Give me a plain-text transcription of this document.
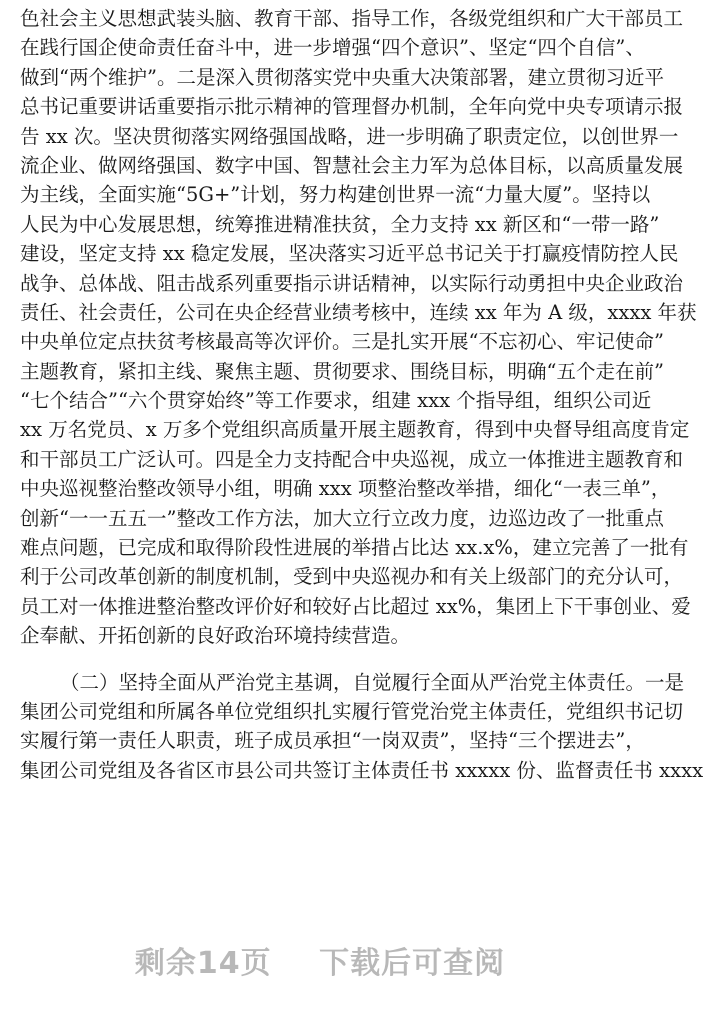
色社会主义思想武装头脑、教育干部、指导工作，各级党组织和广大干部员工
在践行国企使命责任奋斗中，进一步增强“四个意识”、坚定“四个自信”、
做到“两个维护”。二是深入贯彻落实党中央重大决策部署，建立贯彻习近平
总书记重要讲话重要指示批示精神的管理督办机制，全年向党中央专项请示报
告 xx 次。坚决贯彻落实网络强国战略，进一步明确了职责定位，以创世界一
流企业、做网络强国、数字中国、智慧社会主力军为总体目标，以高质量发展
为主线，全面实施“5G+”计划，努力构建创世界一流“力量大厦”。坚持以
人民为中心发展思想，统筹推进精准扶贫，全力支持 xx 新区和“一带一路”
建设，坚定支持 xx 稳定发展，坚决落实习近平总书记关于打赢疫情防控人民
战争、总体战、阻击战系列重要指示讲话精神，以实际行动勇担中央企业政治
责任、社会责任，公司在央企经营业绩考核中，连续 xx 年为 A 级，xxxx 年获
中央单位定点扶贫考核最高等次评价。三是扎实开展“不忘初心、牢记使命”
主题教育，紧扣主线、聚焦主题、贯彻要求、围绕目标，明确“五个走在前”
“七个结合”“六个贯穿始终”等工作要求，组建 xxx 个指导组，组织公司近
xx 万名党员、x 万多个党组织高质量开展主题教育，得到中央督导组高度肯定
和干部员工广泛认可。四是全力支持配合中央巡视，成立一体推进主题教育和
中央巡视整治整改领导小组，明确 xxx 项整治整改举措，细化“一表三单”，
创新“一一五五一”整改工作方法，加大立行立改力度，边巡边改了一批重点
难点问题，已完成和取得阶段性进展的举措占比达 xx.x%，建立完善了一批有
利于公司改革创新的制度机制，受到中央巡视办和有关上级部门的充分认可，
员工对一体推进整治整改评价好和较好占比超过 xx%，集团上下干事创业、爱
企奉献、开拓创新的良好政治环境持续营造。
（二）坚持全面从严治党主基调，自觉履行全面从严治党主体责任。一是
集团公司党组和所属各单位党组织扎实履行管党治党主体责任，党组织书记切
实履行第一责任人职责，班子成员承担“一岗双责”，坚持“三个摆进去”，
集团公司党组及各省区市县公司共签订主体责任书 xxxxx 份、监督责任书 xxxx
剩余14页 下载后可查阅
